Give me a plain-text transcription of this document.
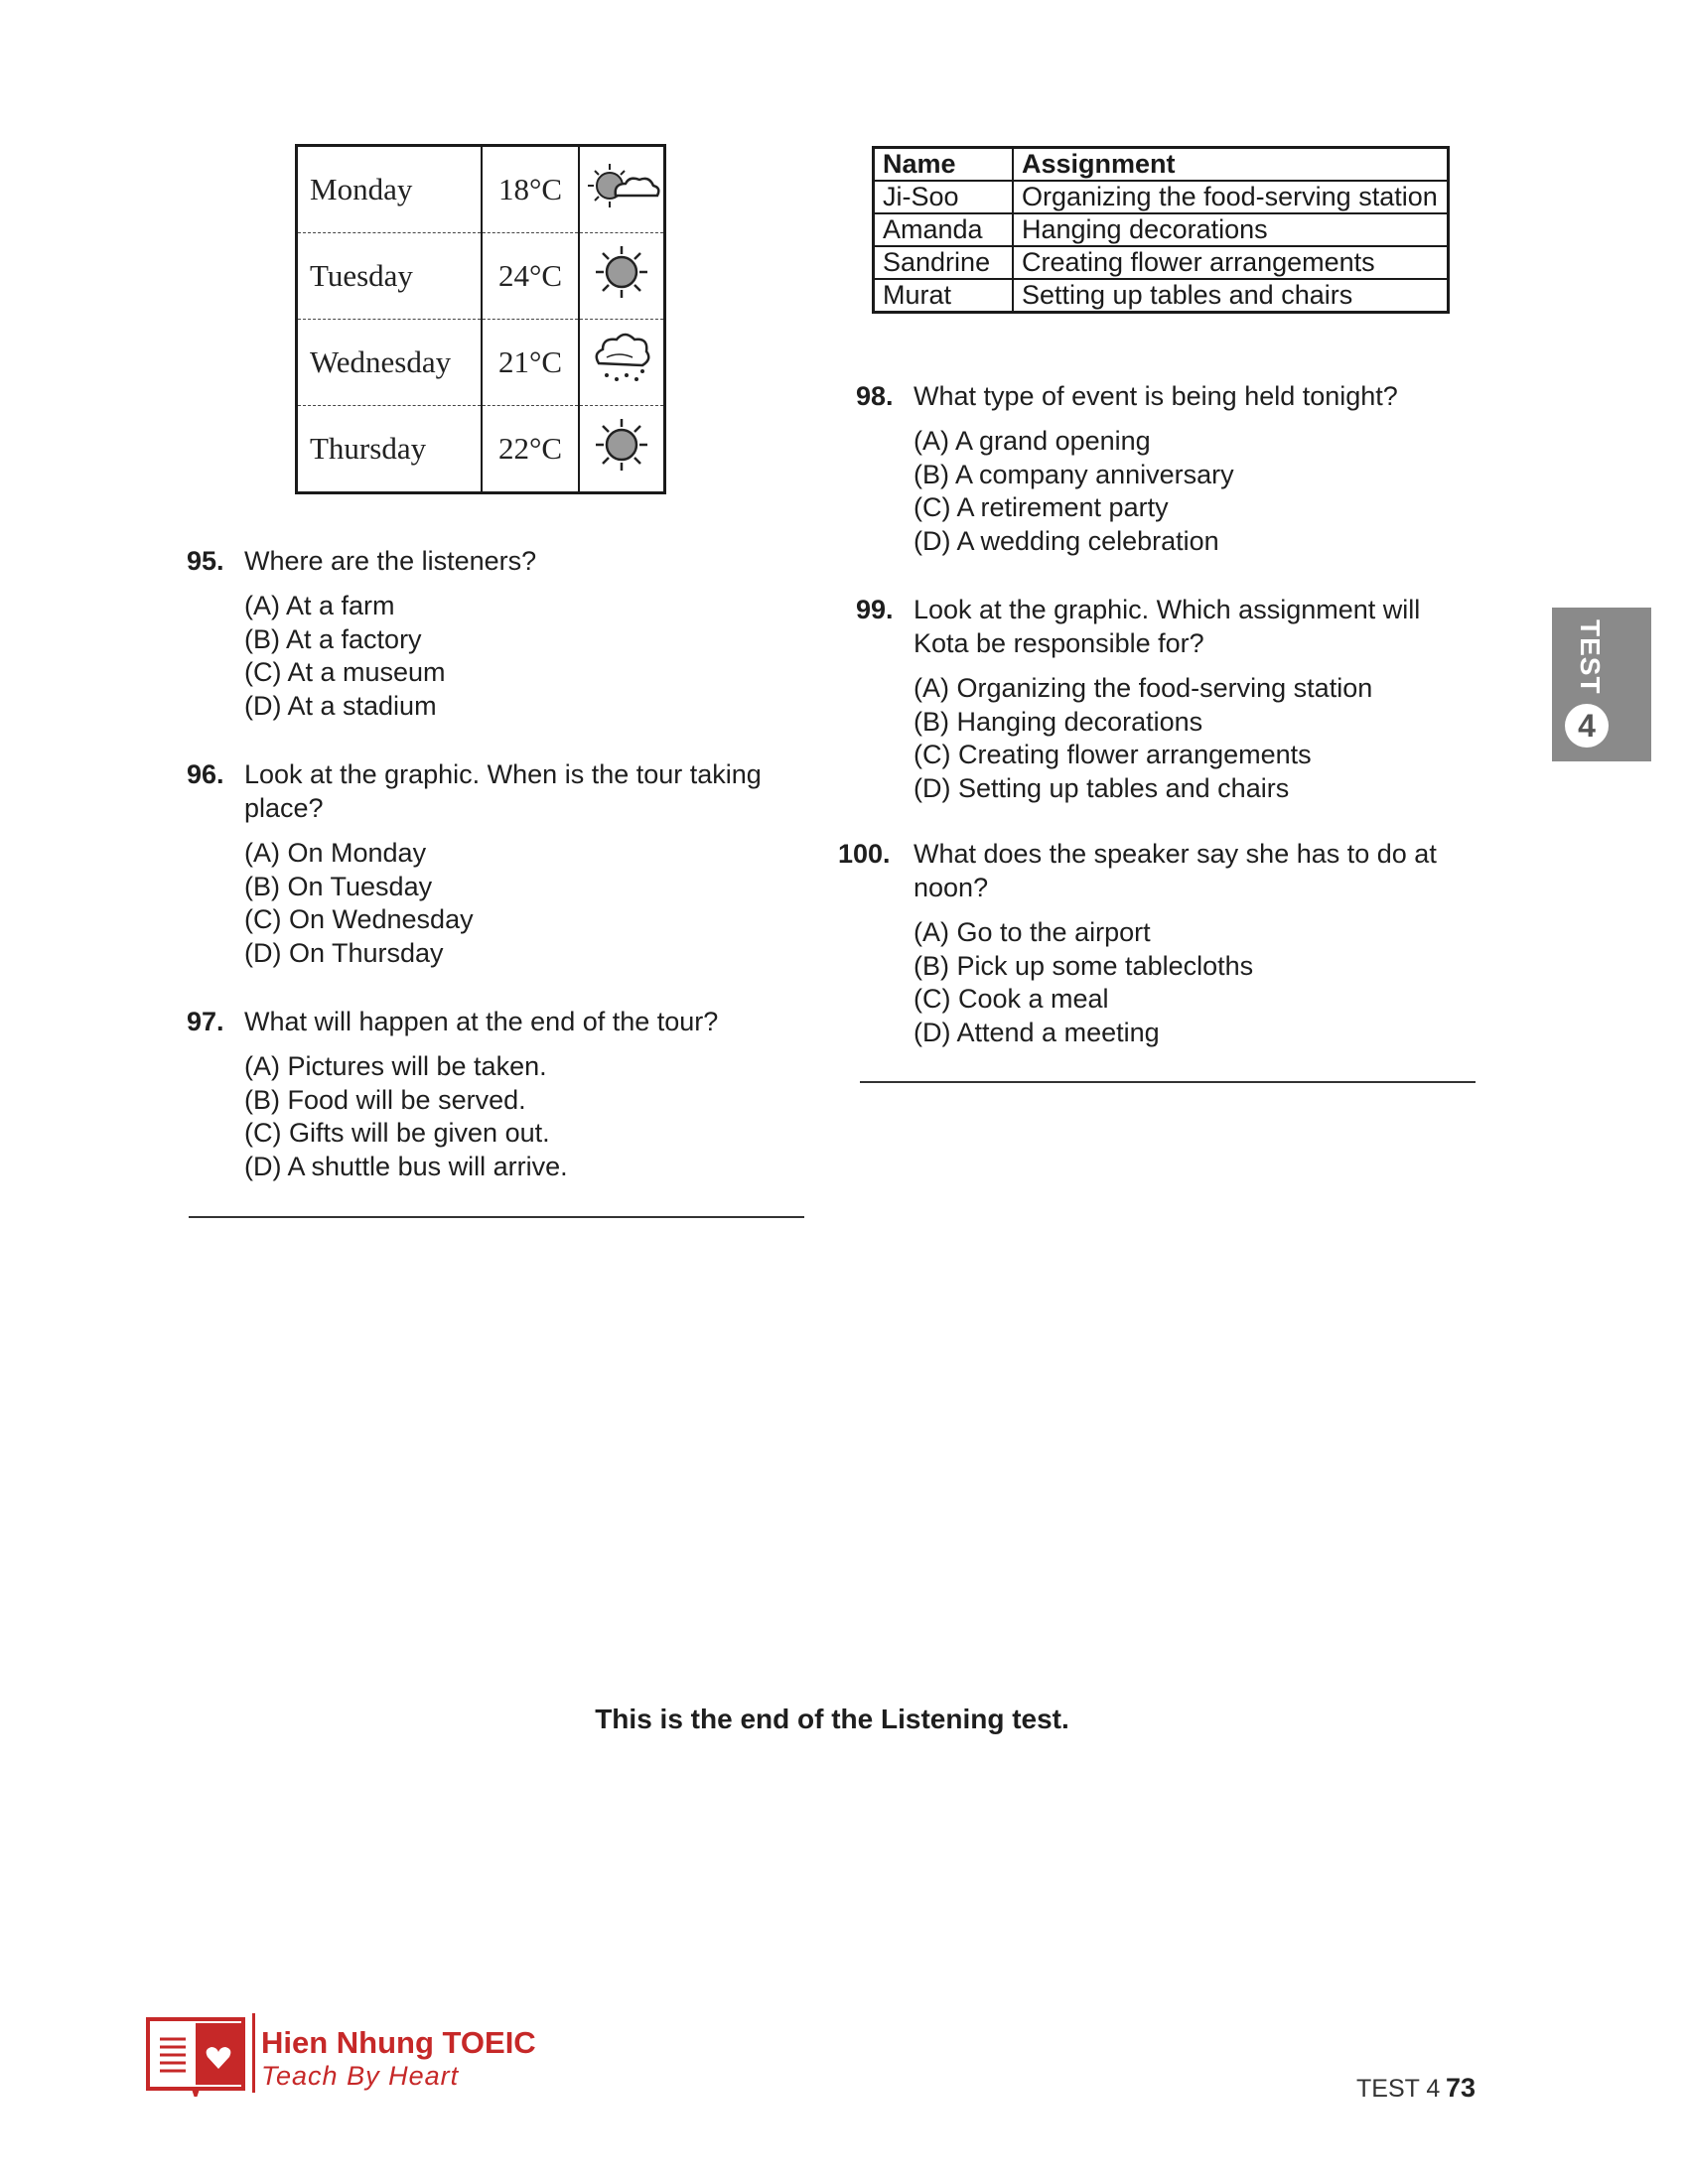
Monday	18°C	
Tuesday	24°C	
Wednesday	21°C	
Thursday	22°C	
Name	Assignment
Ji-Soo	Organizing the food-serving station
Amanda	Hanging decorations
Sandrine	Creating flower arrangements
Murat	Setting up tables and chairs
95. Where are the listeners?
(A) At a farm
(B) At a factory
(C) At a museum
(D) At a stadium
96. Look at the graphic. When is the tour taking place?
(A) On Monday
(B) On Tuesday
(C) On Wednesday
(D) On Thursday
97. What will happen at the end of the tour?
(A) Pictures will be taken.
(B) Food will be served.
(C) Gifts will be given out.
(D) A shuttle bus will arrive.
98. What type of event is being held tonight?
(A) A grand opening
(B) A company anniversary
(C) A retirement party
(D) A wedding celebration
99. Look at the graphic. Which assignment will Kota be responsible for?
(A) Organizing the food-serving station
(B) Hanging decorations
(C) Creating flower arrangements
(D) Setting up tables and chairs
100. What does the speaker say she has to do at noon?
(A) Go to the airport
(B) Pick up some tablecloths
(C) Cook a meal
(D) Attend a meeting
This is the end of the Listening test.
TEST
4
Hien Nhung TOEIC
Teach By Heart	TEST 4 73
